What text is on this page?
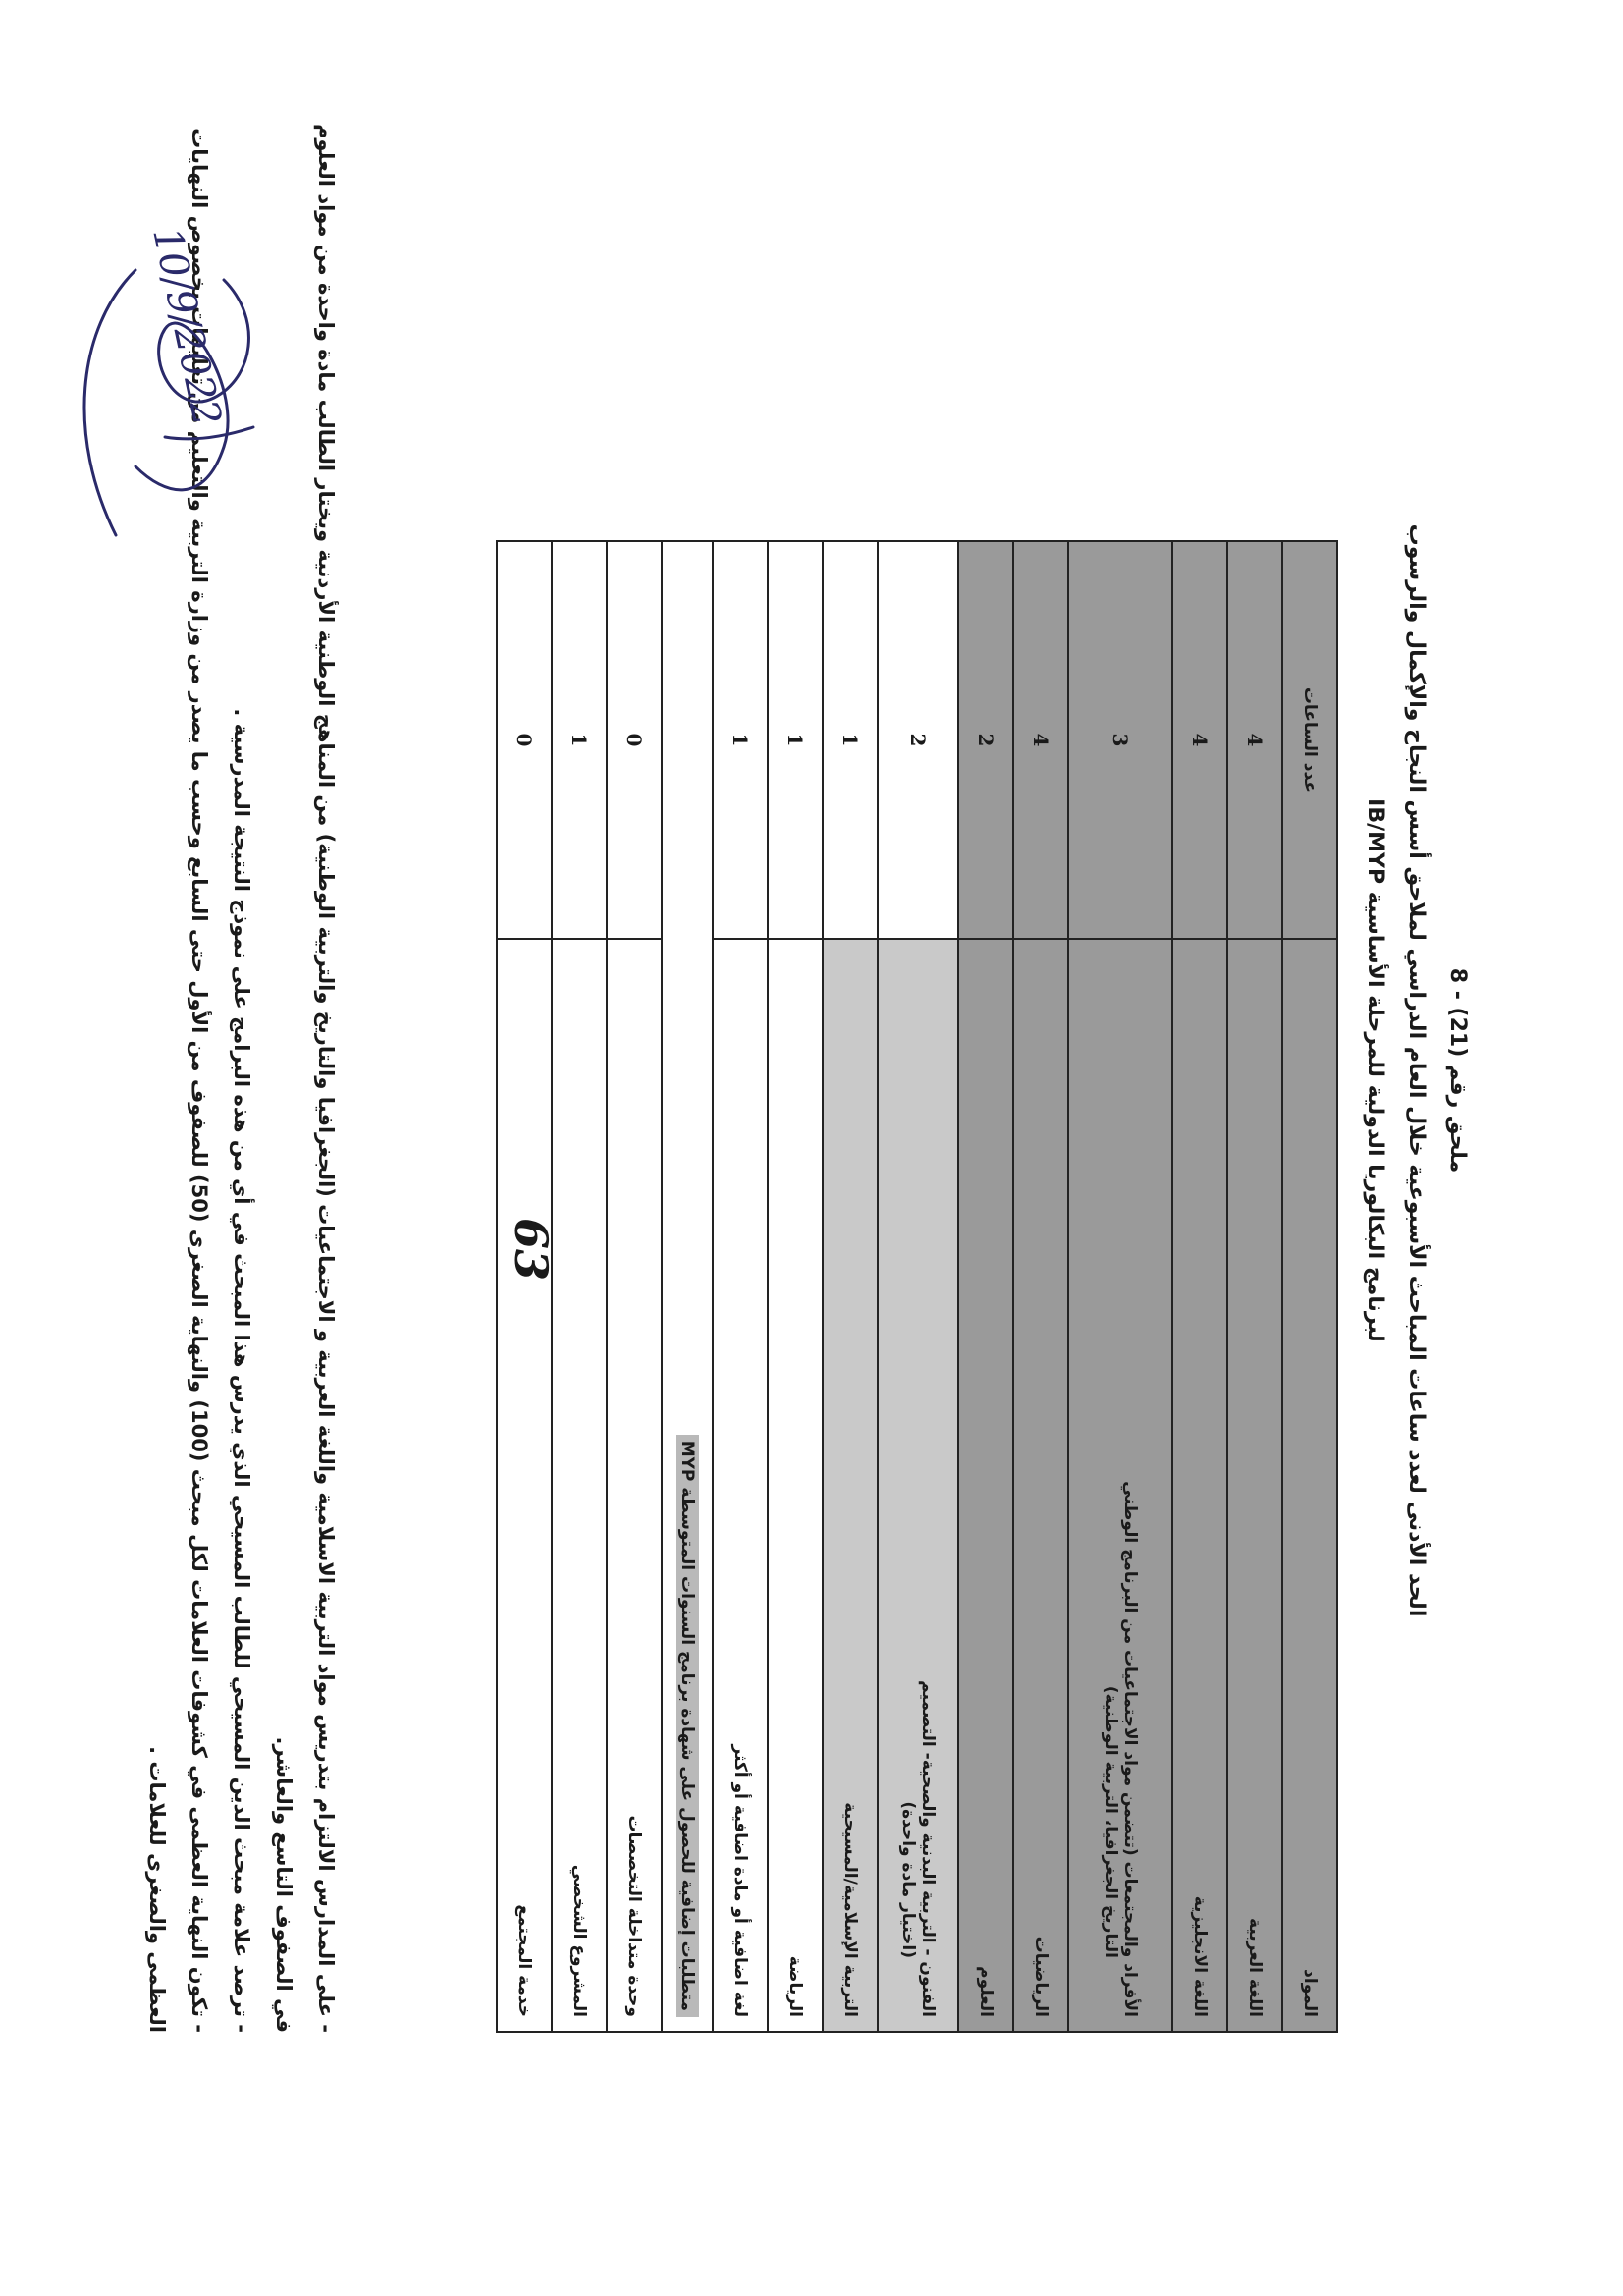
ملحق رقم (21) - 8
الحد الأدنى لعدد ساعات المباحث الأسبوعية خلال العام الدراسي لملاحق أسس النجاح والإكمال والرسوب
لبرنامج البكالوريا الدولية للمرحلة الأساسية IB/MYP
المواد	عدد الساعات
اللغة العربية	4
اللغة الانجليزية	4
الأفراد والمجتمعات (تتضمن مواد الاجتماعيات من البرنامج الوطني
التاريخ الجغرافيا، التربية الوطنية)	3
الرياضيات	4
العلوم	2
الفنون - التربية البدنية والصحية- التصميم
(اختيار مادة واحدة)	2
التربية الإسلامية/المسيحية	1
الرياضة	1
لغة اضافية أو مادة اضافية أو أكثر	1
متطلبات إضافية للحصول على شهادة برنامج السنوات المتوسطة MYP	
وحدة متداخلة التخصصات	0
المشروع الشخصي	1
خدمة المجتمع	0
63

- على المدارس الالتزام بتدريس مواد التربية الاسلامية واللغة العربية و الاجتماعيات (الجغرافيا والتاريخ والتربية الوطنية) من المناهج الوطنية الأردنية ويختار الطالب مادة واحدة من مواد العلوم في الصفوف التاسع والعاشر.

- ترصد علامة مبحث الدين المسيحي للطالب المسيحي الذي يدرس هذا المبحث في أي من هذه البرامج على نموذج النتيجة المدرسية .

- تكون النهاية العظمى في كشوفات العلامات لكل مبحث (100) والنهاية الصغرى (50) للصفوف من الأول حتى السابع وحسب ما يصدر من وزارة التربية والتعليم من تعليمات بخصوص النهايات العظمى والصغرى للعلامات .

10/9/2022
